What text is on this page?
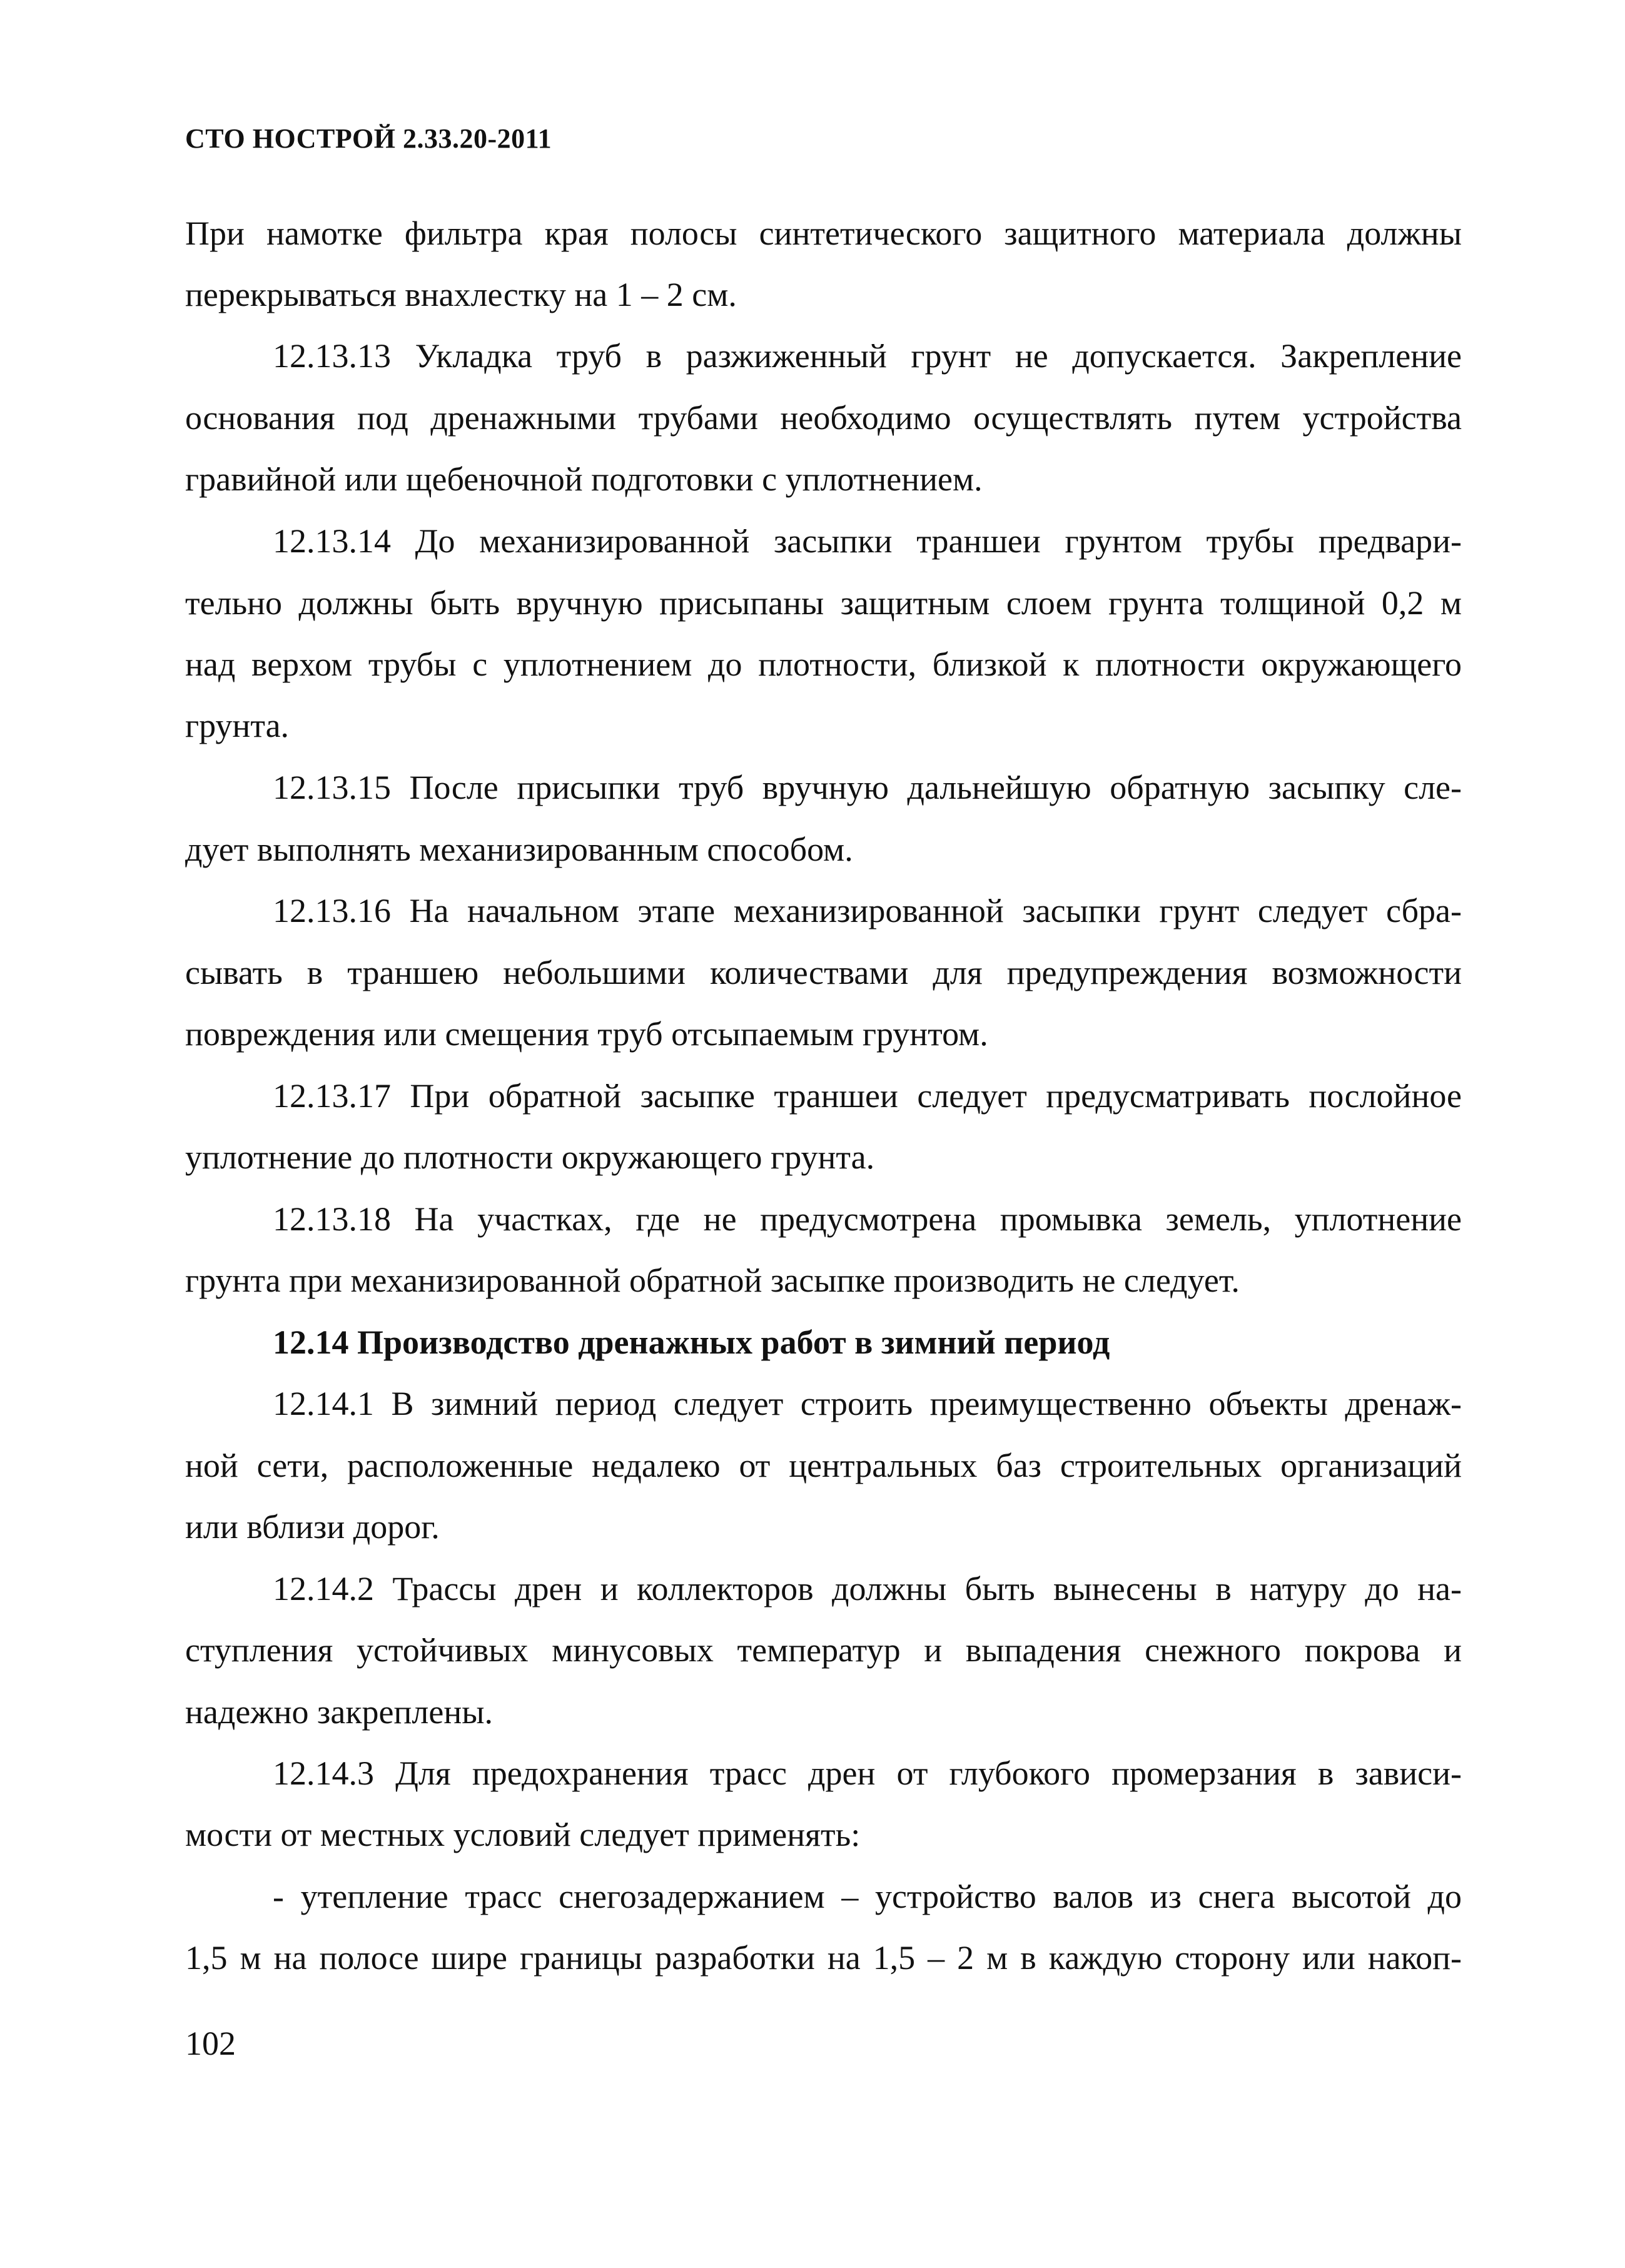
СТО НОСТРОЙ 2.33.20-2011
При намотке фильтра края полосы синтетического защитного материала должны
перекрываться внахлестку на 1 – 2 см.
12.13.13 Укладка труб в разжиженный грунт не допускается. Закрепление
основания под дренажными трубами необходимо осуществлять путем устройства
гравийной или щебеночной подготовки с уплотнением.
12.13.14 До механизированной засыпки траншеи грунтом трубы предвари-
тельно должны быть вручную присыпаны защитным слоем грунта толщиной 0,2 м
над верхом трубы с уплотнением до плотности, близкой к плотности окружающего
грунта.
12.13.15 После присыпки труб вручную дальнейшую обратную засыпку сле-
дует выполнять механизированным способом.
12.13.16 На начальном этапе механизированной засыпки грунт следует сбра-
сывать в траншею небольшими количествами для предупреждения возможности
повреждения или смещения труб отсыпаемым грунтом.
12.13.17 При обратной засыпке траншеи следует предусматривать послойное
уплотнение до плотности окружающего грунта.
12.13.18 На участках, где не предусмотрена промывка земель, уплотнение
грунта при механизированной обратной засыпке производить не следует.
12.14 Производство дренажных работ в зимний период
12.14.1 В зимний период следует строить преимущественно объекты дренаж-
ной сети, расположенные недалеко от центральных баз строительных организаций
или вблизи дорог.
12.14.2 Трассы дрен и коллекторов должны быть вынесены в натуру до на-
ступления устойчивых минусовых температур и выпадения снежного покрова и
надежно закреплены.
12.14.3 Для предохранения трасс дрен от глубокого промерзания в зависи-
мости от местных условий следует применять:
- утепление трасс снегозадержанием – устройство валов из снега высотой до
1,5 м на полосе шире границы разработки на 1,5 – 2 м в каждую сторону или накоп-
102
